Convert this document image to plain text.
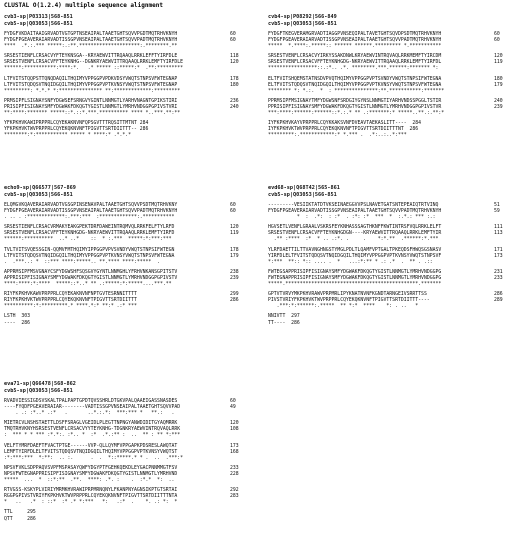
CLUSTAL O(1.2.4) multiple sequence alignment
cvb3-sp|P03313|568-851
cvb5-sp|Q03053|566-851
FYDGFVKDAITAAIGRVADTVGTGPTNSEAIPALTAAETGHTSQVVPGDTMQTRHVKNYH	60
FYDGFPGEAVERAIARVADTISSGPVNSEAIPALTAAETGHTSQVVPADTMQTRHVKNYH	60
****  .*.:.*** *****:.:**.*********************:.********.**
SRSESTIENFLCRSACVYFTEYKNSGA--KRYAEWVITTRQAAQLRRKLEFFTYIRFDLE	118
SRSESTVENFLCRSACVFFTEYKNHG--DGNKRYAEWVITTRQAAQLRRKLEMFTYIRFDLE	120
******:***********:****:*.   .* ***** ::*****:*  .**:*********
LTFVITSTQQPSTTQNQDAQILTHQIMYVPPGGPVPDKVDSYVWQTSTNPSVFWTEGNAP	178
LTFVITSTQDQSVTNQIDGQILTHQIMYVPPGGPVPTKVNSYVWQTSTNPSVFWTEGNAP	180
*********: *.*.* *:*************** **:*************:*********
PRMSIPFLSIGNAYSNFYDGWSEFSRNGVYGINTLNNMGTLYARHVNAGNTGPIKSTIRI	236
PRISIPFISIGNAYSMFYDGWAKFDKQGTYGISTLNNMGTLYMRHVNDGGPGPIVSTVRI	240
**:****:******* *****::*.::*.***.********** **** *..***.**:**
YFKPKHVKAWIPRPPRLCQYEKAKNVNFQPSGVTTTRQSITTMTNT 284
YFKPKHVKTWVPRPPRLCQYEKQKNVNFTPIGVTTSRTDIITTT-- 286
********:*:*********** ***** * ****:* .*.*.*
cvb4-sp|P08292|566-849
cvb5-sp|Q03053|566-851
FYDGFTKEGVERAMGRVADTIAGGPVNSEQIPALTAVETGHTSQVDPSDTMQTRHVKNYH	60
FYDGFPGEAVERAIARVADTISSGPVNSEAIPALTAAETGHTSQVVPADTMQTRHVKNYH	60
*****  *.****:.*****:: ****** ******.********* *.***********
SRSESTVENFLCRSACVYIRKYSSAKDNWLKRYAEWVINTRQVAQLRRKMEMFTYIRCDM	120
SRSESTVENFLCRSACVFFTEYKNHGDG-NKRYAEWVITTRQAAQLRRKLEMFTYIRFDL	119
*****************::.:*.. .*. ********.***.******:******* *:
ELTFVITSHQEMSTATNSDVPVQTHQIMYVPPGGPVPTSVNDYVWQTSTNPSIFWTEGNA	180
ELTFVITSTQDQSVTNQIDGQILTHQIMYVPPGGPVPTKVNSYVWQTSTNPSVFWTEGNA	179
******** *: *.:.  *  : ***************:**.***********:*******
PPRMSIPFMSIGNAYTMFYDGWSNFSRDGIYGYNSLNNMGTIYARHVNDSSPGGLTSTIR	240
PPRISIPFISIGNAYSMFYDGWAKFDKQGTYGISTLNNMGTLYMRHVNDGGPGPIVSTVR	239
***:****:******:******::*.:.* ** .:*******:* *****..**.:.**:*
IYFKPKHVKAYVPRPPRLCQYKKAKSVNFDVEAVTAEKASLITT----  284
IYFKPKHVKTWVPRPPRLCQYEKQKNVNFTPIGVTTSRTDIITTTNT  286
*********:.************:* *.*** .  .*:..:..*:***
echo9-sp|Q66577|567-869
cvb5-sp|Q03053|566-851
ELQMGVKQAVERAIARVADTVGSGPINSENAVPALTAAETGHTSQVVPSDTMQTRHVKNY	60
FYDGFPGEAVERAIARVADTISSGPVNSEAIPALTAAETGHTSQVVPADTMQTRHVKNYH	60
. .. . :*************:.***:***  :*************:.***********
SRSESTIENFLCRSACVRMAKYEAKGPEKTDRFDAWEINTRQMVQLRRKFELFTYLRFD	120
SRSESTVENFLCRSACVFFTEYKNHGDG-NKRYAEWVITTRQAAQLRRKLEMFTYIRFD	119
******:**********  ..* ..*    ::  * :.***  *****:*:***:***
TVLTVITSVQESSGIN-QQMVFMTHQIMYIPPGGPVPVSVNDYVWQTSTNPSIFWTEGN	178
LTFVITSTQDQSVTNQIDGQILTHQIMYVPPGGPVPTKVNSYVWQTSTNPSVFWTEGNA	179
.  .***..: *  ::*** ****:*****.. **.**** ****:*****  .
APPRMSIPFMSVGNAYCSFYDGWSHFSQSGVYGYNTLNNMGHLYFRHVNKANSGPITSTV	238
APPRISIPFISIGNAYSMFYDGWAKFDKQGTYGISTLNNMGTLYMRHVNDGGPGPIVSTV	239
****:****:*:****  *****::*..* ** .:*****:*:*****....***.**
RIYFKPKHVKAWVPRPPRLCQYEKAKNVNFNPTGVTESRNNITTTT	299
RIYFKPKHVKTWVPRPPRLCQYEKQKNVNFTPIGVTTSRTDIITTT	286
**********:*:*********.* ****.*:* **:* .:* ***
LSTH  303
----  286
evd68-sp|Q68T42|565-861
cvb5-sp|Q03053|566-851
---------VESIIKTATDTVKSEINAEGGVVPSLNAVETGATSNTEPEAIQTRTVINQ	51
FYDGFPGEAVERAIARVADTISSGPVNSEAIPALTAAETGHTSQVVPADTMQTRHVKNYH	59
*  :  .*:  : :*  . :*: :*  ***  *  :.*.: *** :.:
HGVSETLVENFLGRAALVSKRSFEYKNHASSSAGTHKNFFKWTINTRSFVQLRRKLELFT	111
SRSESTVENFLCRSACVFFTEYKNHGDGN----KRYAEWVITTRQAAQLRRKLEMFTYIR	113
.** :****  :*  * .. .:*. .     .    *:*.**  .******:*.***
YLRFDAETTILTTVAVNGHNGSTYMGLPDLTLQAMFVPTGALTPKEQDSFHWQSGSNASV	171
YIRFDLELTFVITSTQDQSVTNQIDGQILTHQIMYVPPGGPVPTKVNSYVWQTSTNPSVF	173
*:***  **:: *:: .... .  *   ...:*:** * .: .*  .  ** . .::
FWTEGSAPPRISIPFISIGNAYSMFYDGWAKFDKQGTYGISTLNNMGTLYMRHVNDGGPG	231
FWTEGNAPPRISIPFISIGNAYSMFYDGWAKFDKQGTYGISTLNNMGTLYMRHVNDGGPG	233
*****.**********************************************.*******
GPTVTVRVYMKPKHVRAWVPRPMRLIPYKNATNVNFKGNDTARNGEIVSRRTTSS	286
PIVSTVRIYFKPKHVKTWVPRPPRLCQYEKQKNVNFTPIGVTTSRTDIITTT----	289
.***:*:******:.*****  ** *:*  ****    *: . ..   *
NNIVTT  297
TT----  286
eva71-sp|Q66478|568-862
cvb5-sp|Q03053|566-851
RVADVIESSIGDSVSKALTPALPAPTGPDTQVSSHRLDTGKVPALQAAEIGASSNASDES	60
----FYQDFPGEAVERAIAR--------VADTISSGPVNSEAIPALTAAETGHTSQVVPAD	49
. .: :*..* .:*   .       ..*.:.*:  ***:*** *   **.:   .
MIETRCVLNSHSTAETTLDSFFSRAGLVGEIDLPLEGTTNPNGYANWDIDITGYAQMRRK	120
TMQTRHVKNYHSRSESTVENFLCRSACVYYTEYKNHG-TDGNKRYAEWVINTRQVAQLRRK	108
:  *** * * *** :*.*:. :*.. *  :*  .*.:** :  ..  ** : ** *:***
VELFTYMRFDAEFTFVACTPTGE------VVP-QLLQYMFVPPGAPKPDSRESLAWQTAT	173
LEMFTYIRFDLELTFVITSTQDQSVTNQIDGQILTHQIMYVPPGGPVPTKVNSYVWQTST	168
:*:***:***  *:**:  .. :.      .  .  *::*****.* * .  ..  .***:*
NPSVFVKLSDPPAQVSVPFMSPASAYQWFYDGYPTFGEHKQEKDLEYGACPNNMMGTFSV	233
NPSVFWTEGNAPPRISIPFISIGNAYSMFYDGWAKFDKQGTYGISTLNNMGTLYMRHVND	228
*****  ...  *  ::*:**  .**.  ****: .*. :    .  :*.*  *:  ..
RTVGSS-KSKYPLVIRIYMRMKHVRAWIPRPMRNQNYLFKANPNYAGNSIKPTGTSRTAI	292
RGGPGPIVSTVRIYFKPKHVKTWVPRPPRLCQYEKQKNVNFTPIGVTTSRTDIITTTNTA	283
*   ..   .*  : ::*  :* .* *:***   *:   .:*  .    *. .: *:  *
TTL     295
QTT     286
